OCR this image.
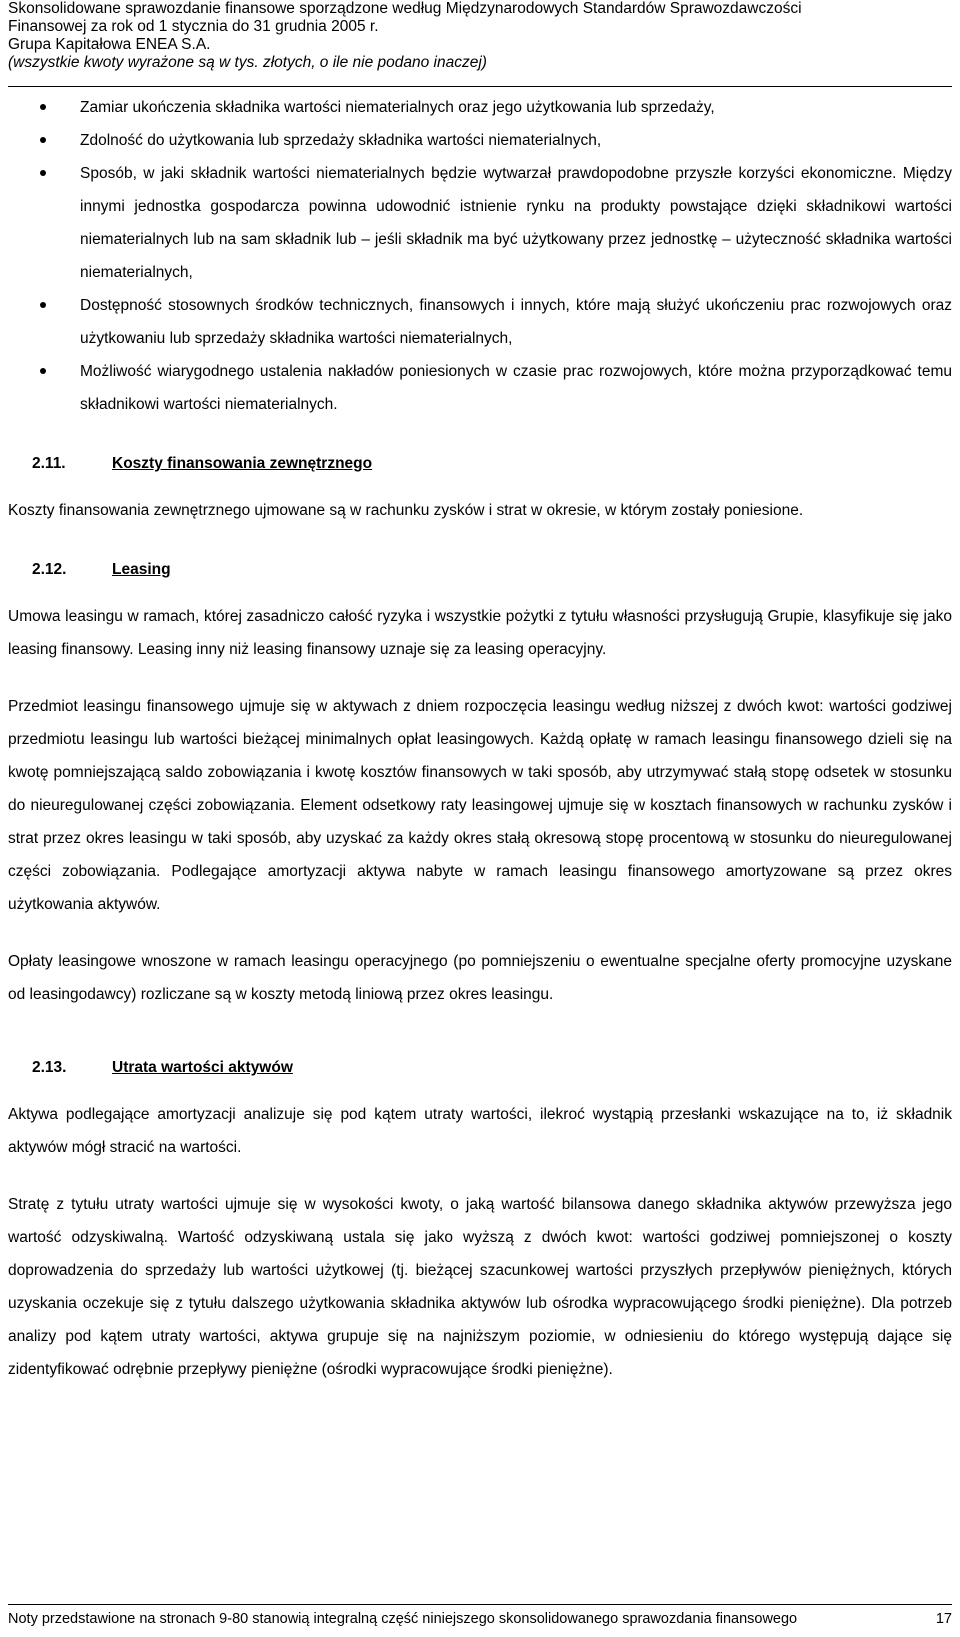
Skonsolidowane sprawozdanie finansowe sporządzone według Międzynarodowych Standardów Sprawozdawczości
Finansowej za rok od 1 stycznia do 31 grudnia 2005 r.
Grupa Kapitałowa ENEA S.A.
(wszystkie kwoty wyrażone są w tys. złotych, o ile nie podano inaczej)
Zamiar ukończenia składnika wartości niematerialnych oraz jego użytkowania lub sprzedaży,
Zdolność do użytkowania lub sprzedaży składnika wartości niematerialnych,
Sposób, w jaki składnik wartości niematerialnych będzie wytwarzał prawdopodobne przyszłe korzyści ekonomiczne. Między innymi jednostka gospodarcza powinna udowodnić istnienie rynku na produkty powstające dzięki składnikowi wartości niematerialnych lub na sam składnik lub – jeśli składnik ma być użytkowany przez jednostkę – użyteczność składnika wartości niematerialnych,
Dostępność stosownych środków technicznych, finansowych i innych, które mają służyć ukończeniu prac rozwojowych oraz użytkowaniu lub sprzedaży składnika wartości niematerialnych,
Możliwość wiarygodnego ustalenia nakładów poniesionych w czasie prac rozwojowych, które można przyporządkować temu składnikowi wartości niematerialnych.
2.11.	Koszty finansowania zewnętrznego

Koszty finansowania zewnętrznego ujmowane są w rachunku zysków i strat w okresie, w którym zostały poniesione.

2.12.	Leasing

Umowa leasingu w ramach, której zasadniczo całość ryzyka i wszystkie pożytki z tytułu własności przysługują Grupie, klasyfikuje się jako leasing finansowy. Leasing inny niż leasing finansowy uznaje się za leasing operacyjny.

Przedmiot leasingu finansowego ujmuje się w aktywach z dniem rozpoczęcia leasingu według niższej z dwóch kwot: wartości godziwej przedmiotu leasingu lub wartości bieżącej minimalnych opłat leasingowych. Każdą opłatę w ramach leasingu finansowego dzieli się na kwotę pomniejszającą saldo zobowiązania i kwotę kosztów finansowych w taki sposób, aby utrzymywać stałą stopę odsetek w stosunku do nieuregulowanej części zobowiązania. Element odsetkowy raty leasingowej ujmuje się w kosztach finansowych w rachunku zysków i strat przez okres leasingu w taki sposób, aby uzyskać za każdy okres stałą okresową stopę procentową w stosunku do nieuregulowanej części zobowiązania. Podlegające amortyzacji aktywa nabyte w ramach leasingu finansowego amortyzowane są przez okres użytkowania aktywów.

Opłaty leasingowe wnoszone w ramach leasingu operacyjnego (po pomniejszeniu o ewentualne specjalne oferty promocyjne uzyskane od leasingodawcy) rozliczane są w koszty metodą liniową przez okres leasingu.

2.13.	Utrata wartości aktywów

Aktywa podlegające amortyzacji analizuje się pod kątem utraty wartości, ilekroć wystąpią przesłanki wskazujące na to, iż składnik aktywów mógł stracić na wartości.

Stratę z tytułu utraty wartości ujmuje się w wysokości kwoty, o jaką wartość bilansowa danego składnika aktywów przewyższa jego wartość odzyskiwalną. Wartość odzyskiwaną ustala się jako wyższą z dwóch kwot: wartości godziwej pomniejszonej o koszty doprowadzenia do sprzedaży lub wartości użytkowej (tj. bieżącej szacunkowej wartości przyszłych przepływów pieniężnych, których uzyskania oczekuje się z tytułu dalszego użytkowania składnika aktywów lub ośrodka wypracowującego środki pieniężne). Dla potrzeb analizy pod kątem utraty wartości, aktywa grupuje się na najniższym poziomie, w odniesieniu do którego występują dające się zidentyfikować odrębnie przepływy pieniężne (ośrodki wypracowujące środki pieniężne).

Noty przedstawione na stronach 9-80 stanowią integralną część niniejszego skonsolidowanego sprawozdania finansowego	17
